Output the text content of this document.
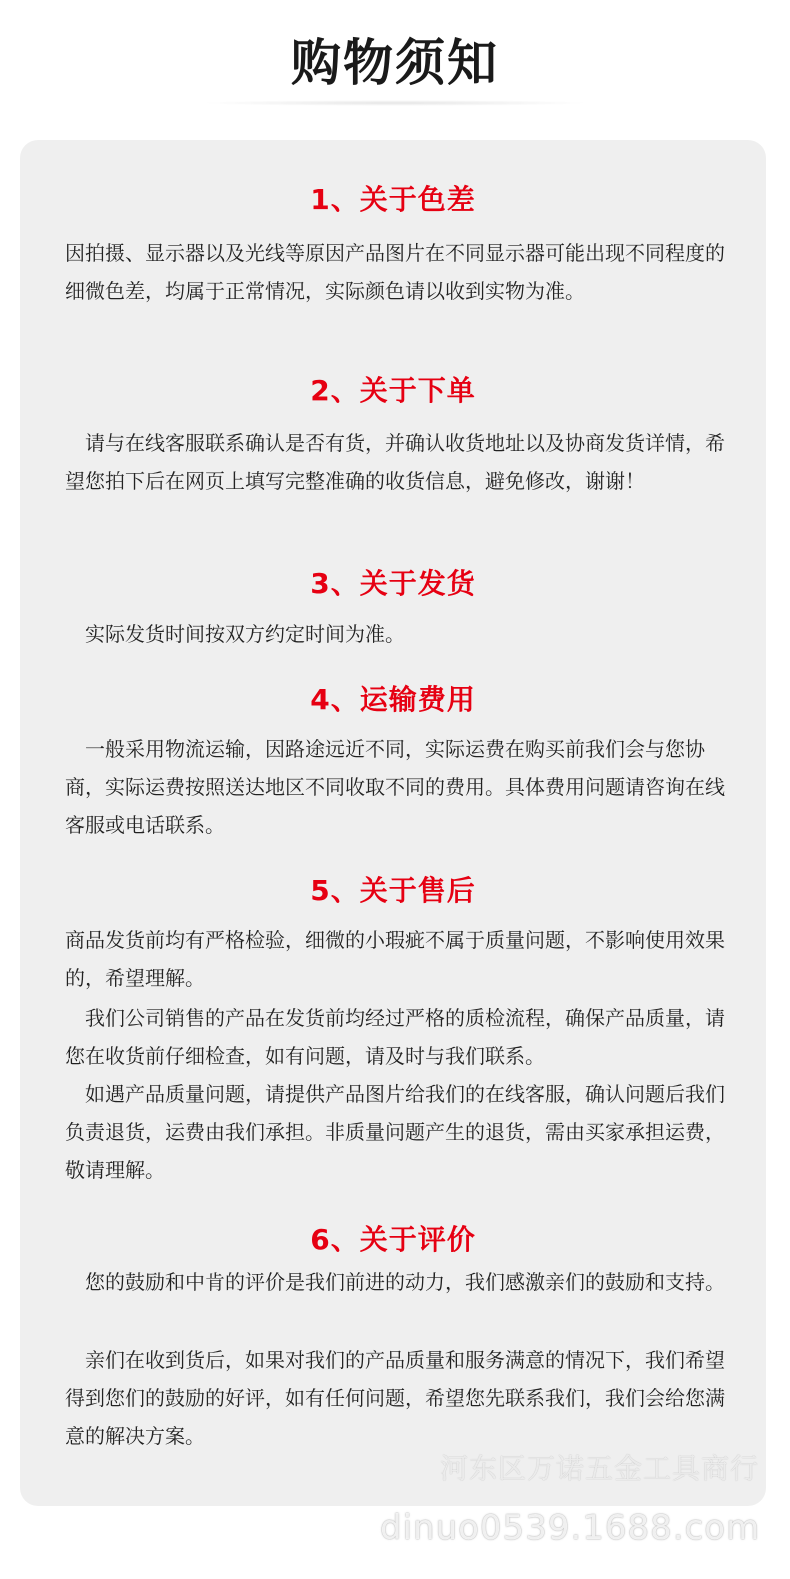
购物须知
1、关于色差

因拍摄、显示器以及光线等原因产品图片在不同显示器可能出现不同程度的细微色差，均属于正常情况，实际颜色请以收到实物为准。

2、关于下单

请与在线客服联系确认是否有货，并确认收货地址以及协商发货详情，希望您拍下后在网页上填写完整准确的收货信息，避免修改，谢谢！

3、关于发货

实际发货时间按双方约定时间为准。

4、运输费用

一般采用物流运输，因路途远近不同，实际运费在购买前我们会与您协商，实际运费按照送达地区不同收取不同的费用。具体费用问题请咨询在线客服或电话联系。

5、关于售后

商品发货前均有严格检验，细微的小瑕疵不属于质量问题，不影响使用效果的，希望理解。

我们公司销售的产品在发货前均经过严格的质检流程，确保产品质量，请您在收货前仔细检查，如有问题，请及时与我们联系。

如遇产品质量问题，请提供产品图片给我们的在线客服，确认问题后我们负责退货，运费由我们承担。非质量问题产生的退货，需由买家承担运费，敬请理解。

6、关于评价

您的鼓励和中肯的评价是我们前进的动力，我们感激亲们的鼓励和支持。

亲们在收到货后，如果对我们的产品质量和服务满意的情况下，我们希望得到您们的鼓励的好评，如有任何问题，希望您先联系我们，我们会给您满意的解决方案。

河东区万诺五金工具商行
dinuo0539.1688.com
